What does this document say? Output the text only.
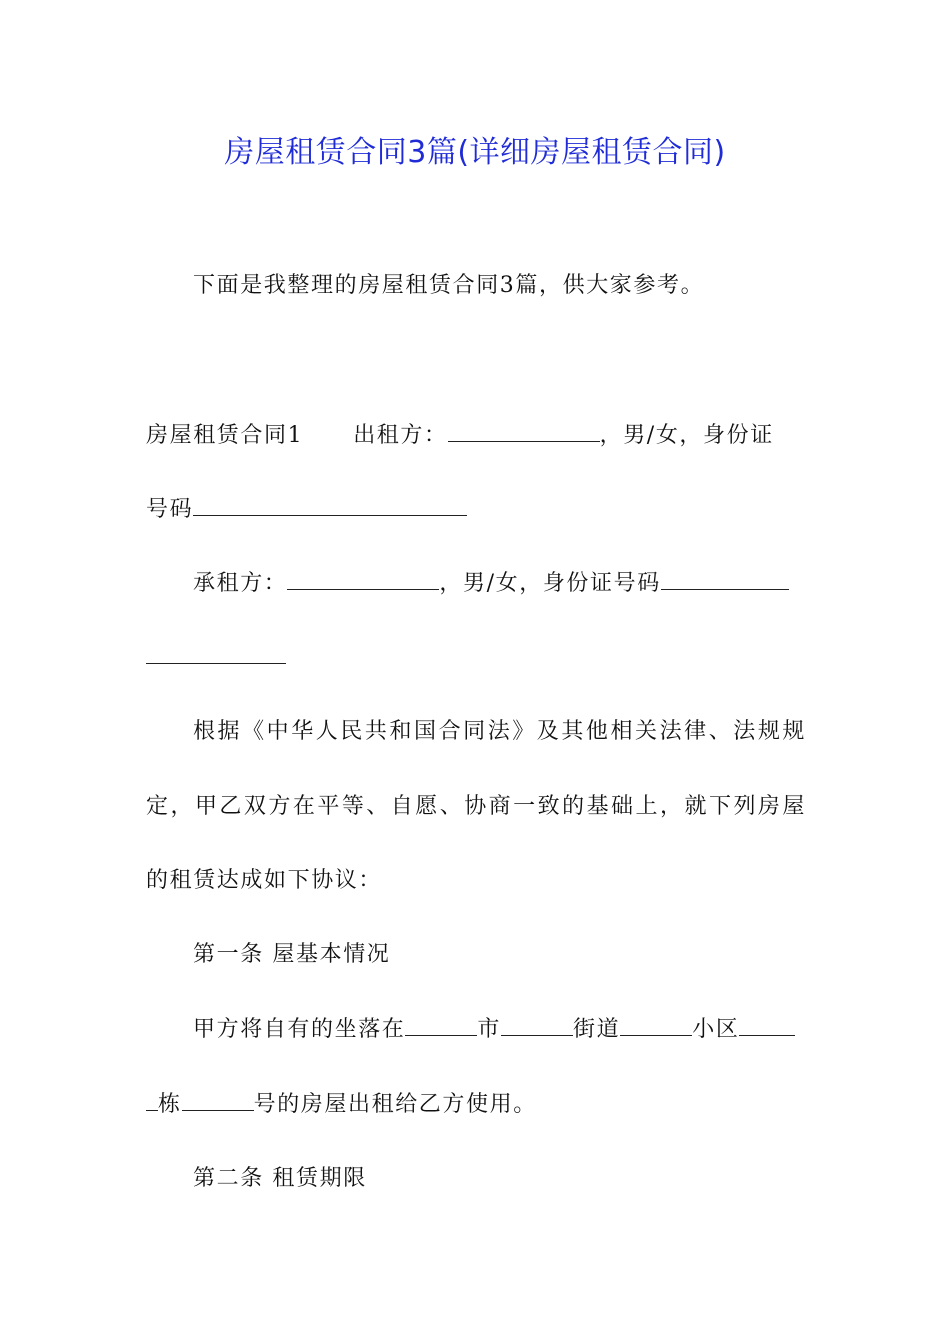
房屋租赁合同3篇(详细房屋租赁合同)
下面是我整理的房屋租赁合同3篇，供大家参考。
房屋租赁合同1 出租方：	，男/女，身份证
号码
承租方：	，男/女，身份证号码
根据《中华人民共和国合同法》及其他相关法律、法规规
定，甲乙双方在平等、自愿、协商一致的基础上，就下列房屋
的租赁达成如下协议：
第一条 屋基本情况
甲方将自有的坐落在	市	街道	小区
栋	号的房屋出租给乙方使用。
第二条 租赁期限
